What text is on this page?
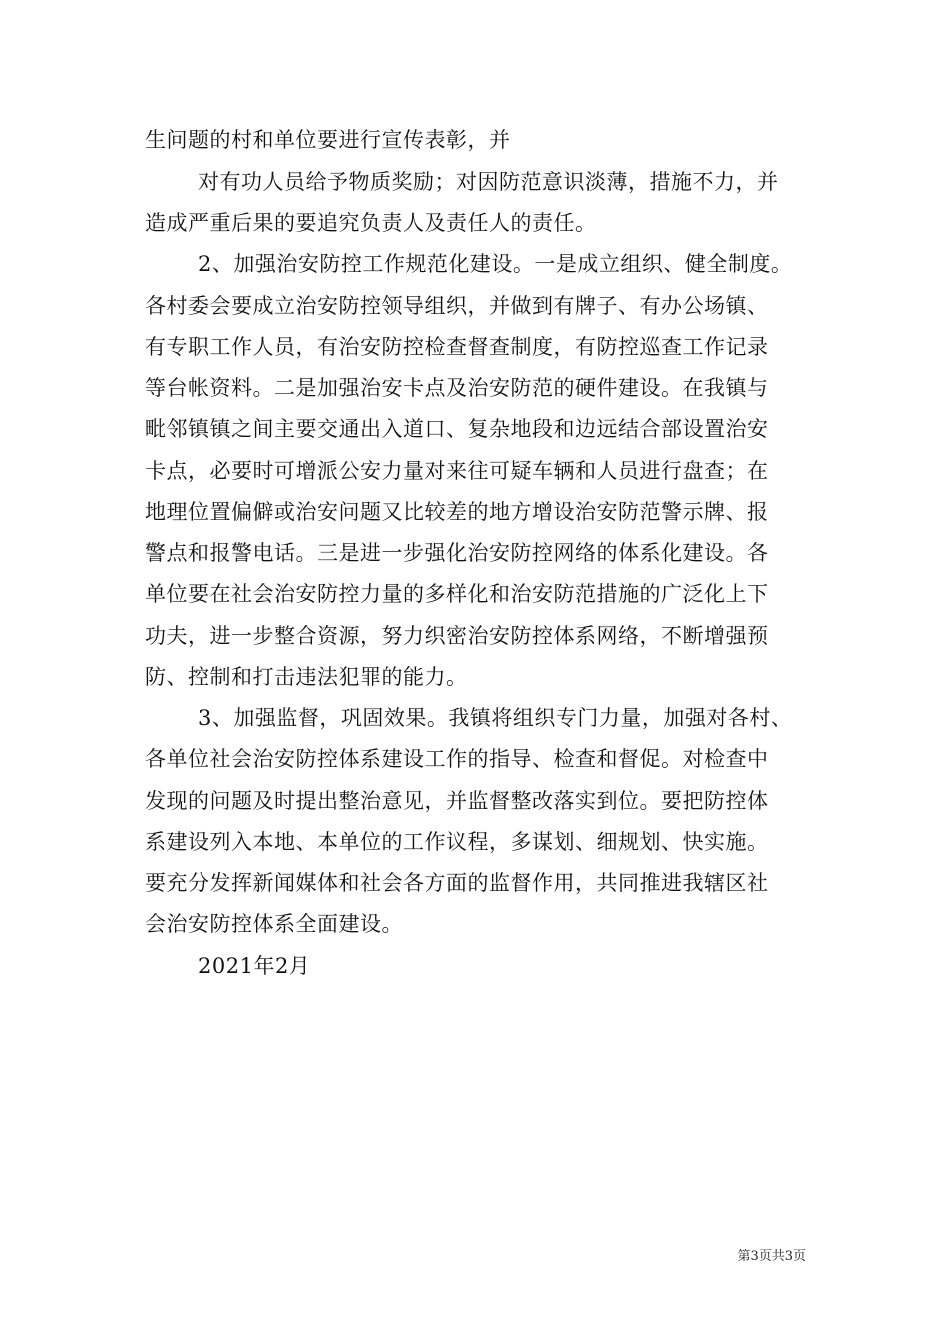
生问题的村和单位要进行宣传表彰，并
对有功人员给予物质奖励；对因防范意识淡薄，措施不力，并
造成严重后果的要追究负责人及责任人的责任。
2、加强治安防控工作规范化建设。一是成立组织、健全制度。
各村委会要成立治安防控领导组织，并做到有牌子、有办公场镇、
有专职工作人员，有治安防控检查督查制度，有防控巡查工作记录
等台帐资料。二是加强治安卡点及治安防范的硬件建设。在我镇与
毗邻镇镇之间主要交通出入道口、复杂地段和边远结合部设置治安
卡点，必要时可增派公安力量对来往可疑车辆和人员进行盘查；在
地理位置偏僻或治安问题又比较差的地方增设治安防范警示牌、报
警点和报警电话。三是进一步强化治安防控网络的体系化建设。各
单位要在社会治安防控力量的多样化和治安防范措施的广泛化上下
功夫，进一步整合资源，努力织密治安防控体系网络，不断增强预
防、控制和打击违法犯罪的能力。
3、加强监督，巩固效果。我镇将组织专门力量，加强对各村、
各单位社会治安防控体系建设工作的指导、检查和督促。对检查中
发现的问题及时提出整治意见，并监督整改落实到位。要把防控体
系建设列入本地、本单位的工作议程，多谋划、细规划、快实施。
要充分发挥新闻媒体和社会各方面的监督作用，共同推进我辖区社
会治安防控体系全面建设。
2021年2月
第3页共3页
